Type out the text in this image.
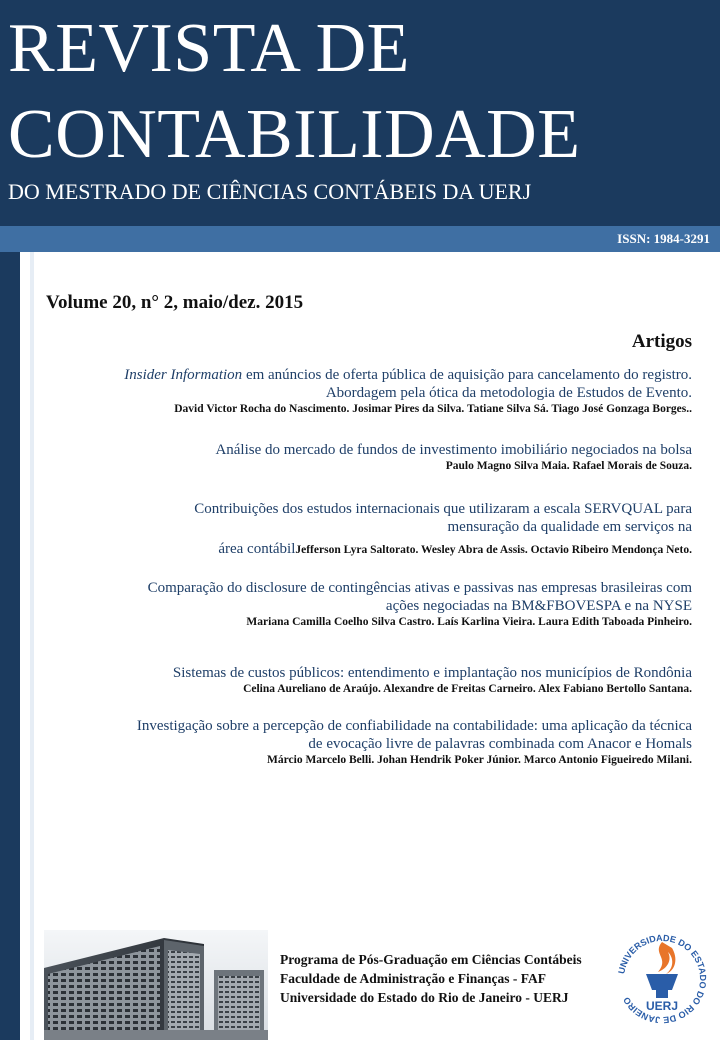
REVISTA DE
CONTABILIDADE
DO MESTRADO DE CIÊNCIAS CONTÁBEIS DA UERJ
ISSN: 1984-3291
Volume 20, n° 2, maio/dez. 2015
Artigos
Insider Information em anúncios de oferta pública de aquisição para cancelamento do registro.
Abordagem pela ótica da metodologia de Estudos de Evento.
David Victor Rocha do Nascimento. Josimar Pires da Silva. Tatiane Silva Sá. Tiago José Gonzaga Borges..
Análise do mercado de fundos de investimento imobiliário negociados na bolsa
Paulo Magno Silva Maia. Rafael Morais de Souza.
Contribuições dos estudos internacionais que utilizaram a escala SERVQUAL para
mensuração da qualidade em serviços na
área contábilJefferson Lyra Saltorato. Wesley Abra de Assis. Octavio Ribeiro Mendonça Neto.
Comparação do disclosure de contingências ativas e passivas nas empresas brasileiras com
ações negociadas na BM&FBOVESPA e na NYSE
Mariana Camilla Coelho Silva Castro. Laís Karlina Vieira. Laura Edith Taboada Pinheiro.
Sistemas de custos públicos: entendimento e implantação nos municípios de Rondônia
Celina Aureliano de Araújo. Alexandre de Freitas Carneiro. Alex Fabiano Bertollo Santana.
Investigação sobre a percepção de confiabilidade na contabilidade: uma aplicação da técnica
de evocação livre de palavras combinada com Anacor e Homals
Márcio Marcelo Belli. Johan Hendrik Poker Júnior. Marco Antonio Figueiredo Milani.
Programa de Pós-Graduação em Ciências Contábeis
Faculdade de Administração e Finanças - FAF
Universidade do Estado do Rio de Janeiro - UERJ
UNIVERSIDADE DO ESTADO DO RIO DE JANEIRO	UERJ
